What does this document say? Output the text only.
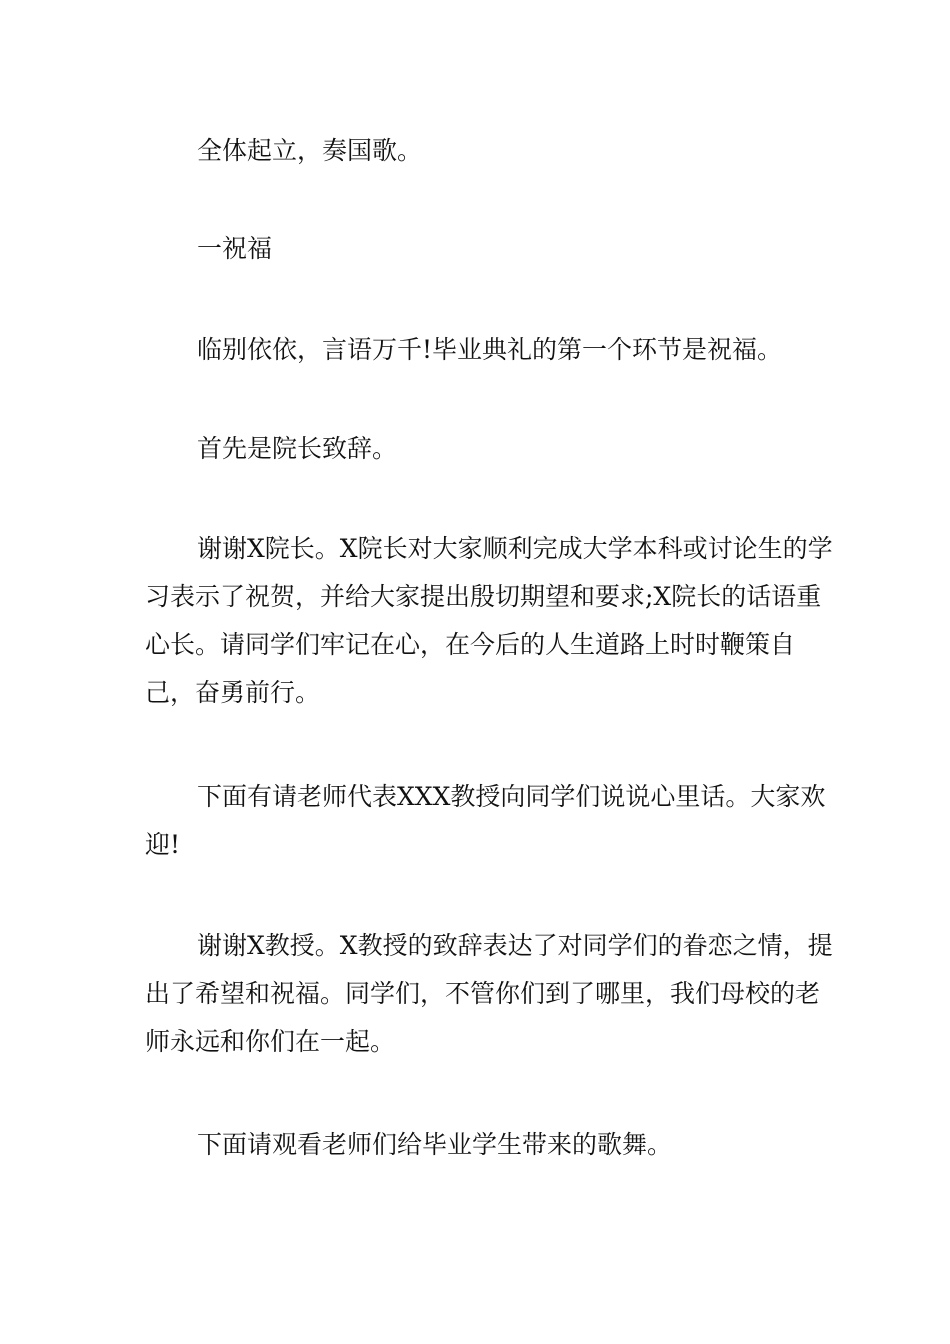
全体起立，奏国歌。

一祝福

临别依依，言语万千!毕业典礼的第一个环节是祝福。

首先是院长致辞。

谢谢X院长。X院长对大家顺利完成大学本科或讨论生的学习表示了祝贺，并给大家提出殷切期望和要求;X院长的话语重心长。请同学们牢记在心，在今后的人生道路上时时鞭策自己，奋勇前行。

下面有请老师代表XXX教授向同学们说说心里话。大家欢迎!

谢谢X教授。X教授的致辞表达了对同学们的眷恋之情，提出了希望和祝福。同学们，不管你们到了哪里，我们母校的老师永远和你们在一起。

下面请观看老师们给毕业学生带来的歌舞。
